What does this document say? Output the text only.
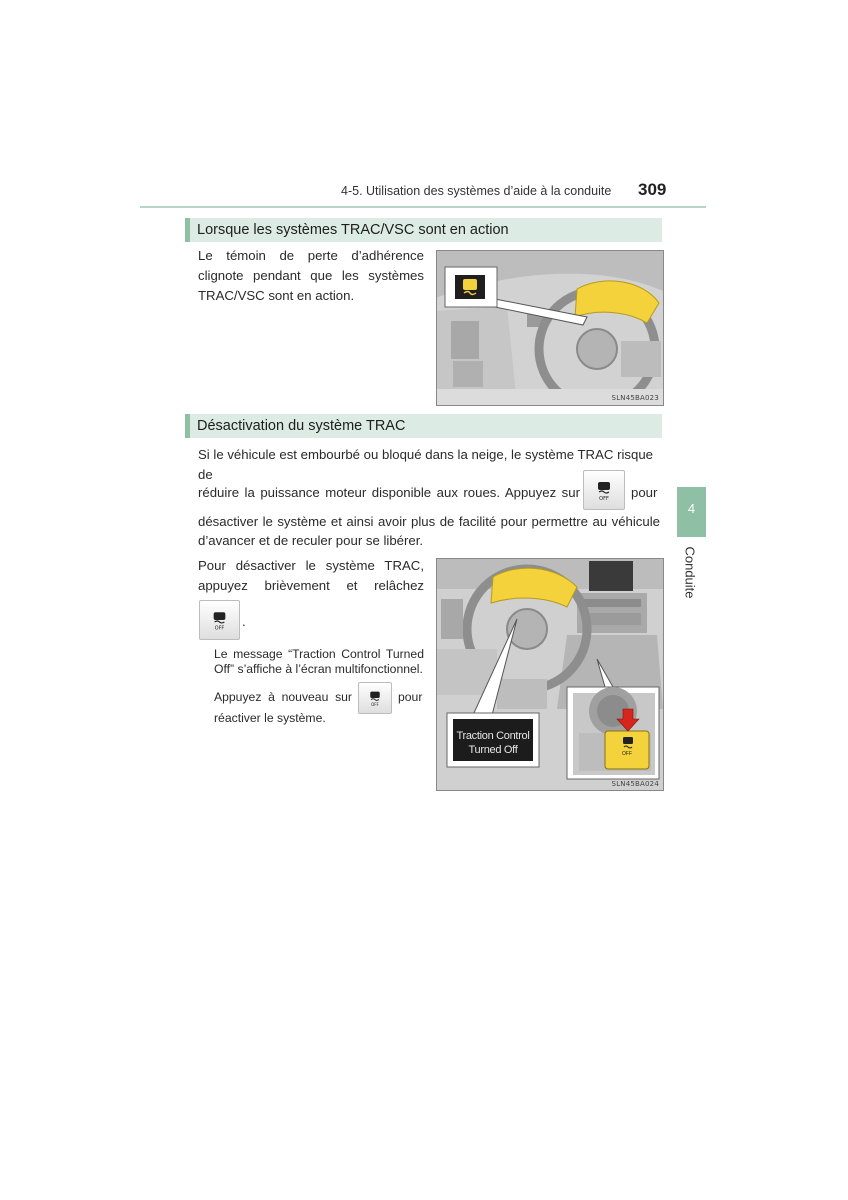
4-5. Utilisation des systèmes d’aide à la conduite	309
4
Conduite
Lorsque les systèmes TRAC/VSC sont en action
Le témoin de perte d’adhérence
clignote pendant que les systèmes
TRAC/VSC sont en action.
SLN45BA023
Désactivation du système TRAC
Si le véhicule est embourbé ou bloqué dans la neige, le système TRAC risque de
réduire la puissance moteur disponible aux roues. Appuyez sur	OFF pour
désactiver le système et ainsi avoir plus de facilité pour permettre au véhicule
d’avancer et de reculer pour se libérer.
Pour désactiver le système TRAC,
appuyez brièvement et relâchez
OFF .
Le message “Traction Control Turned
Off” s’affiche à l’écran multifonctionnel.
Appuyez à nouveau sur
OFF
pour
réactiver le système.
Traction Control
Turned Off	OFF
SLN45BA024
